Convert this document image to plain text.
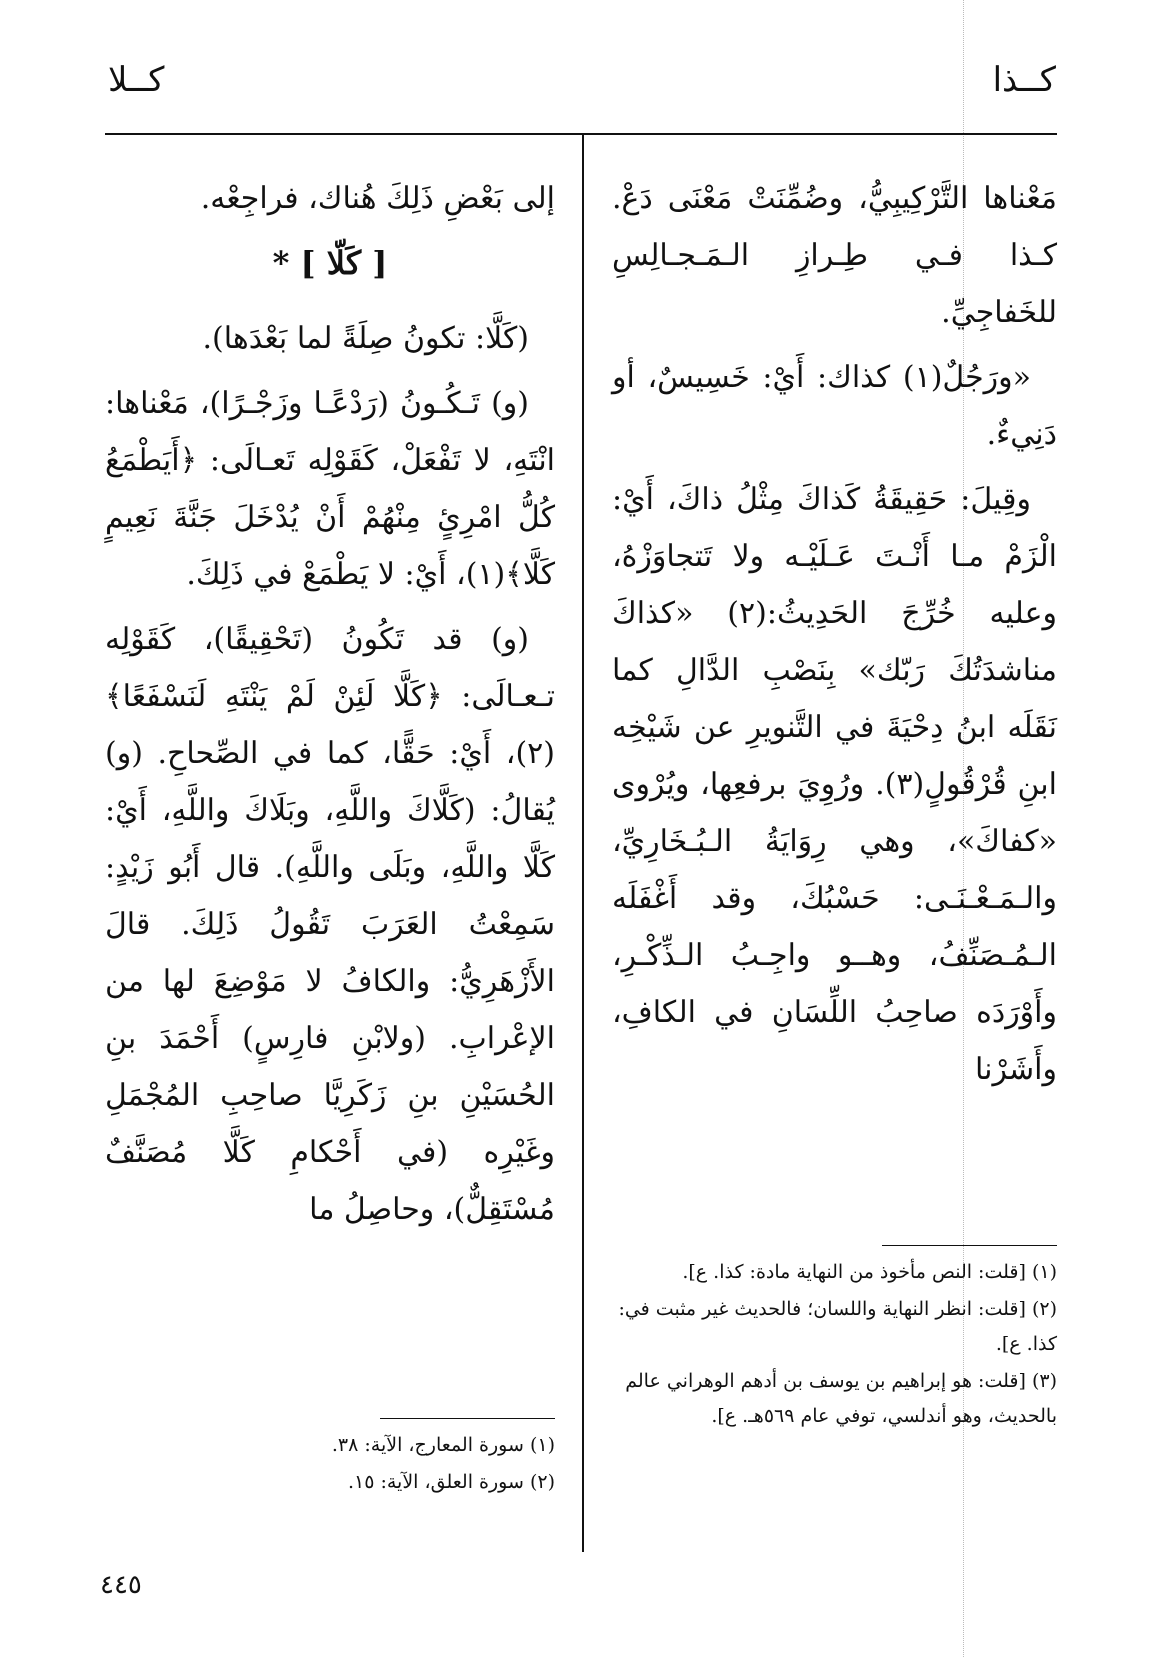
كــذا
كــلا

مَعْناها التَّرْكِيبِيُّ، وضُمِّنَتْ مَعْنَى دَعْ. كـذا فـي طِـرازِ الـمَـجـالِسِ للخَفاجِيِّ.

«ورَجُلٌ(١) كذاك: أَيْ: خَسِيسٌ، أو دَنِيءٌ.

وقِيلَ: حَقِيقَةُ كَذاكَ مِثْلُ ذاكَ، أَيْ: الْزَمْ مـا أَنْـتَ عَـلَيْـه ولا تَتجاوَزْهُ، وعليه خُرِّجَ الحَدِيثُ:(٢) «كذاكَ مناشدَتُكَ رَبّك» بِنَصْبِ الدَّالِ كما نَقَلَه ابنُ دِحْيَةَ في التَّنويرِ عن شَيْخِه ابنِ قُرْقُولٍ(٣). ورُوِيَ برفعِها، ويُرْوى «كفاكَ»، وهي رِوَايَةُ الـبُـخَارِيِّ، والـمَـعْـنَـى: حَسْبُكَ، وقد أَغْفَلَه الـمُـصَنِّفُ، وهــو واجِـبُ الـذِّكْـرِ، وأَوْرَدَه صاحِبُ اللِّسَانِ في الكافِ، وأَشَرْنا

(١) [قلت: النص مأخوذ من النهاية مادة: كذا. ع].

(٢) [قلت: انظر النهاية واللسان؛ فالحديث غير مثبت في: كذا. ع].

(٣) [قلت: هو إبراهيم بن يوسف بن أدهم الوهراني عالم بالحديث، وهو أندلسي، توفي عام ٥٦٩هـ. ع].

إلى بَعْضِ ذَلِكَ هُناك، فراجِعْه.

[ كَلّا ] *

(كَلَّا: تكونُ صِلَةً لما بَعْدَها).

(و) تَـكُـونُ (رَدْعًـا وزَجْـرًا)، مَعْناها: انْتَهِ، لا تَفْعَلْ، كَقَوْلِه تَعـالَى: ﴿أَيَطْمَعُ كُلُّ امْرِئٍ مِنْهُمْ أَنْ يُدْخَلَ جَنَّةَ نَعِيمٍ كَلَّا﴾(١)، أَيْ: لا يَطْمَعْ في ذَلِكَ.

(و) قد تَكُونُ (تَحْقِيقًا)، كَقَوْلِه تـعـالَى: ﴿كَلَّا لَئِنْ لَمْ يَنْتَهِ لَنَسْفَعًا﴾(٢)، أَيْ: حَقًّا، كما في الصِّحاحِ. (و) يُقالُ: (كَلَّاكَ واللَّهِ، وبَلَاكَ واللَّهِ، أَيْ: كَلَّا واللَّهِ، وبَلَى واللَّهِ). قال أَبُو زَيْدٍ: سَمِعْتُ العَرَبَ تَقُولُ ذَلِكَ. قالَ الأَزْهَرِيُّ: والكافُ لا مَوْضِعَ لها من الإعْرابِ. (ولابْنِ فارِسٍ) أَحْمَدَ بنِ الحُسَيْنِ بنِ زَكَرِيَّا صاحِبِ المُجْمَلِ وغَيْرِه (في أَحْكامِ كَلَّا مُصَنَّفٌ مُسْتَقِلٌّ)، وحاصِلُ ما

(١) سورة المعارج، الآية: ٣٨.

(٢) سورة العلق، الآية: ١٥.

٤٤٥
